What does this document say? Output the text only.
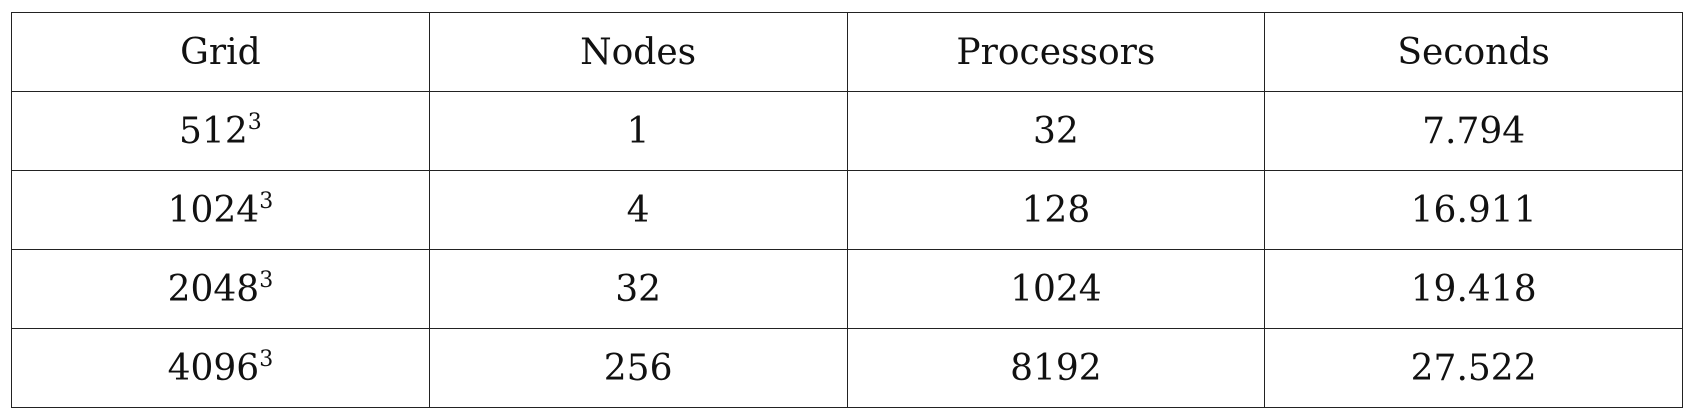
Grid	Nodes	Processors	Seconds
$512^3$	1	32	7.794
1024$^3$	4	128	16.911
2048$^3$	32	1024	19.418
4096$^3$	256	8192	27.522
